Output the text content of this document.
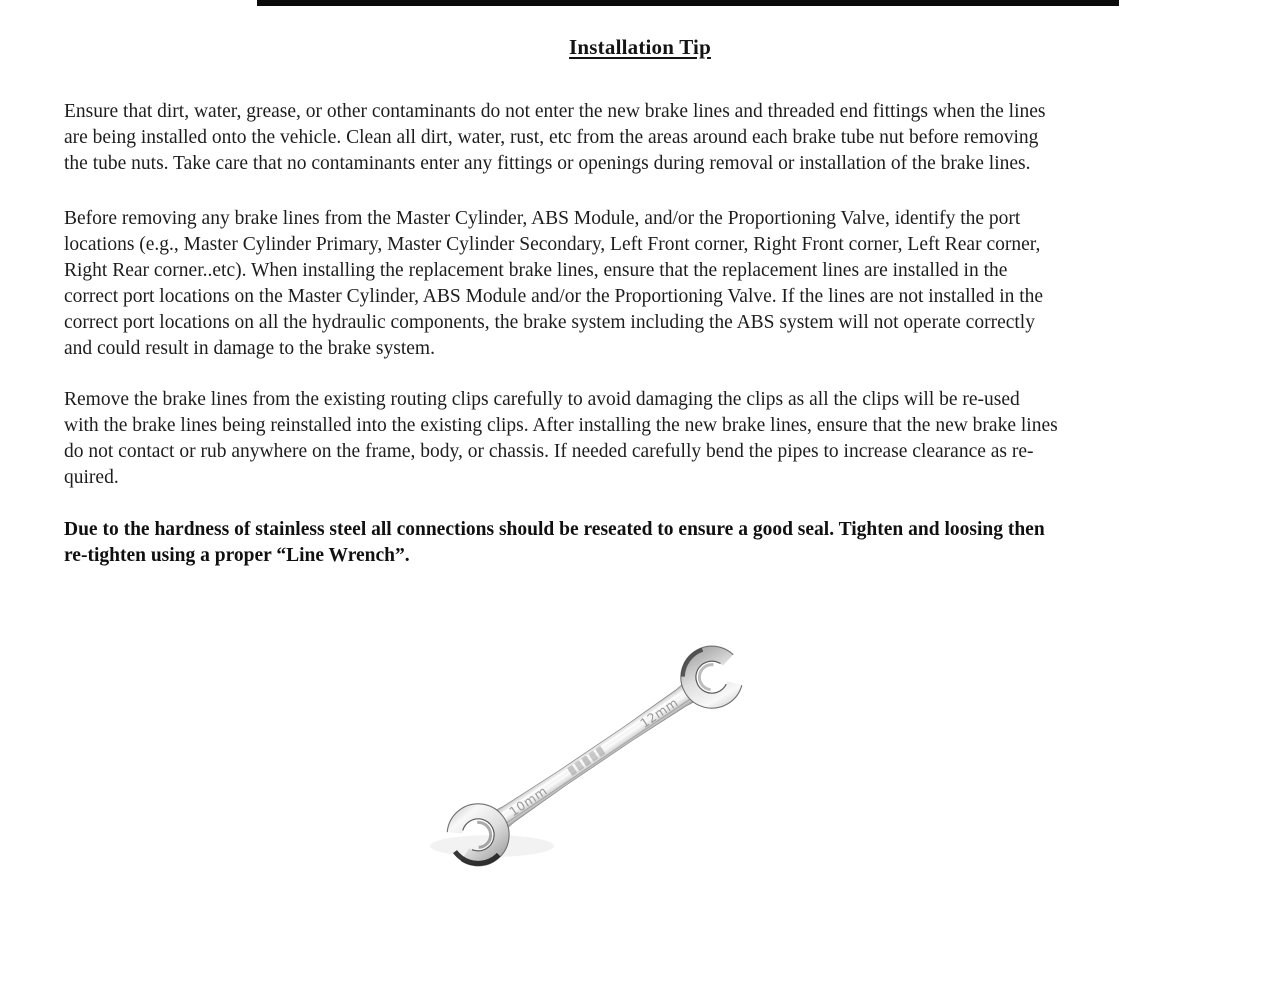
Installation Tip
Ensure that dirt, water, grease, or other contaminants do not enter the new brake lines and threaded end fittings when the lines
are being installed onto the vehicle. Clean all dirt, water, rust, etc from the areas around each brake tube nut before removing
the tube nuts. Take care that no contaminants enter any fittings or openings during removal or installation of the brake lines.
Before removing any brake lines from the Master Cylinder, ABS Module, and/or the Proportioning Valve, identify the port
locations (e.g., Master Cylinder Primary, Master Cylinder Secondary, Left Front corner, Right Front corner, Left Rear corner,
Right Rear corner..etc). When installing the replacement brake lines, ensure that the replacement lines are installed in the
correct port locations on the Master Cylinder, ABS Module and/or the Proportioning Valve. If the lines are not installed in the
correct port locations on all the hydraulic components, the brake system including the ABS system will not operate correctly
and could result in damage to the brake system.
Remove the brake lines from the existing routing clips carefully to avoid damaging the clips as all the clips will be re-used
with the brake lines being reinstalled into the existing clips. After installing the new brake lines, ensure that the new brake lines
do not contact or rub anywhere on the frame, body, or chassis. If needed carefully bend the pipes to increase clearance as re-
quired.
Due to the hardness of stainless steel all connections should be reseated to ensure a good seal. Tighten and loosing then
re-tighten using a proper “Line Wrench”.
12mm
10mm
